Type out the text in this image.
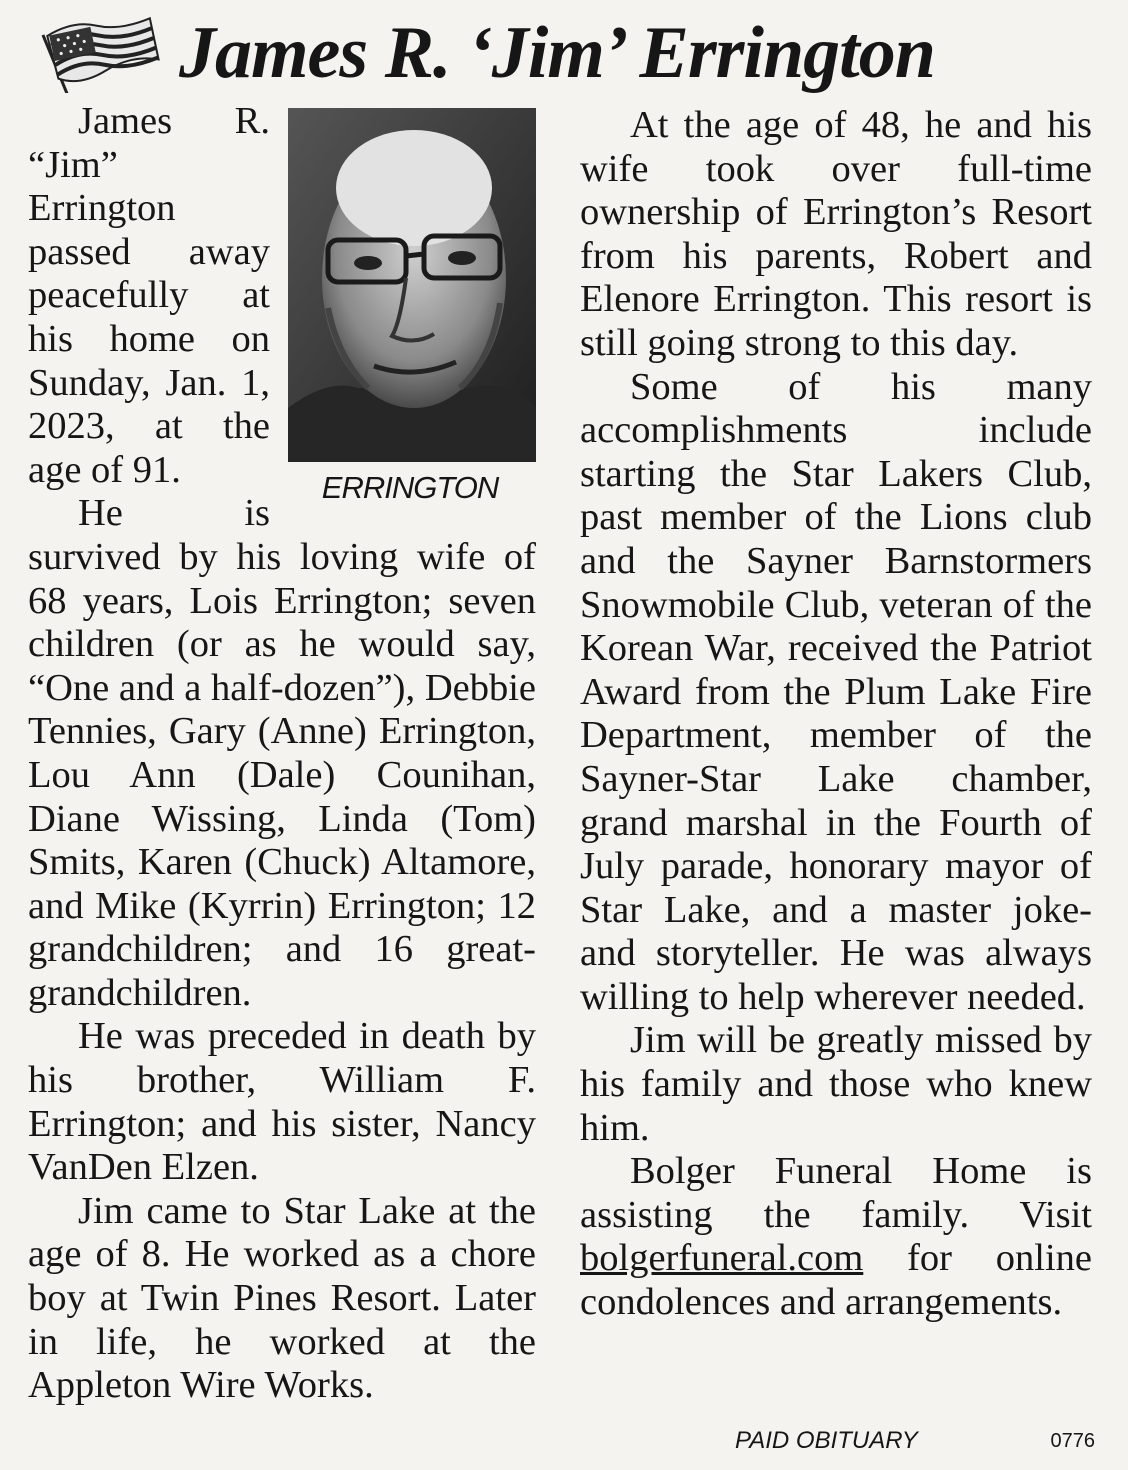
James R. ‘Jim’ Errington
ERRINGTON

James R. “Jim” Errington passed away peacefully at his home on Sunday, Jan. 1, 2023, at the age of 91.

He is survived by his loving wife of 68 years, Lois Errington; seven children (or as he would say, “One and a half-dozen”), Debbie Tennies, Gary (Anne) Errington, Lou Ann (Dale) Counihan, Diane Wissing, Linda (Tom) Smits, Karen (Chuck) Altamore, and Mike (Kyrrin) Errington; 12 grandchildren; and 16 great-grandchildren.

He was preceded in death by his brother, William F. Errington; and his sister, Nancy VanDen Elzen.

Jim came to Star Lake at the age of 8. He worked as a chore boy at Twin Pines Resort. Later in life, he worked at the Appleton Wire Works.

At the age of 48, he and his wife took over full-time ownership of Errington’s Resort from his parents, Robert and Elenore Errington. This resort is still going strong to this day.

Some of his many accomplishments include starting the Star Lakers Club, past member of the Lions club and the Sayner Barnstormers Snowmobile Club, veteran of the Korean War, received the Patriot Award from the Plum Lake Fire Department, member of the Sayner-Star Lake chamber, grand marshal in the Fourth of July parade, honorary mayor of Star Lake, and a master joke- and storyteller. He was always willing to help wherever needed.

Jim will be greatly missed by his family and those who knew him.

Bolger Funeral Home is assisting the family. Visit bolgerfuneral.com for online condolences and arrangements.

PAID OBITUARY	0776
